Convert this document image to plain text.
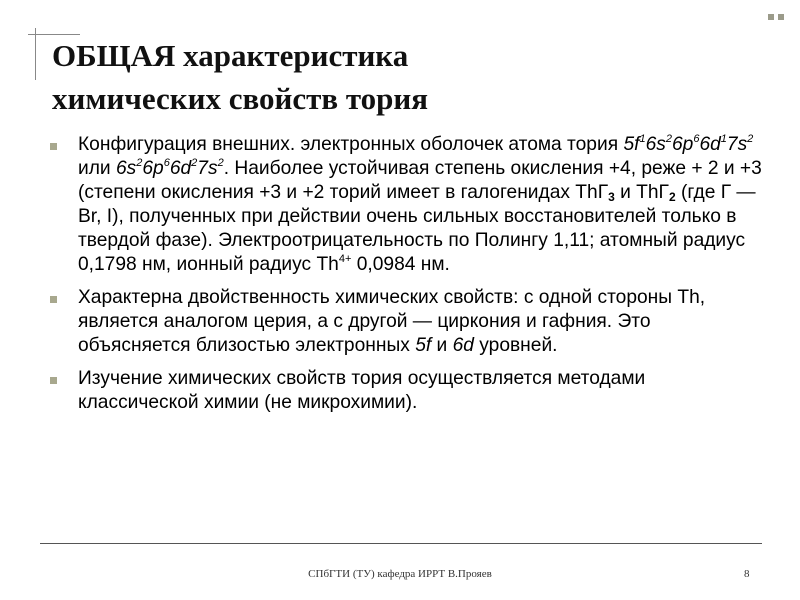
ОБЩАЯ характеристика
химических свойств тория
Конфигурация внешних. электронных оболочек атома тория $5f^16s^26p^66d^17s^2$ или $6s^26p^66d^27s^2$. Наиболее устойчивая степень окисления +4, реже + 2 и +3 (степени окисления +3 и +2 торий имеет в галогенидах ThГ$_3$ и ThГ$_2$ (где Г — Br, I), полученных при действии очень сильных восстановителей только в твердой фазе). Электроотрицательность по Полингу 1,11; атомный радиус 0,1798 нм, ионный радиус $Th^{4+}$ 0,0984 нм.
Характерна двойственность химических свойств: с одной стороны Th, является аналогом церия, а с другой — циркония и гафния. Это объясняется близостью электронных 5f и 6d уровней.
Изучение химических свойств тория осуществляется методами классической химии (не микрохимии).
СПбГТИ (ТУ) кафедра ИРРТ В.Прояев	8
